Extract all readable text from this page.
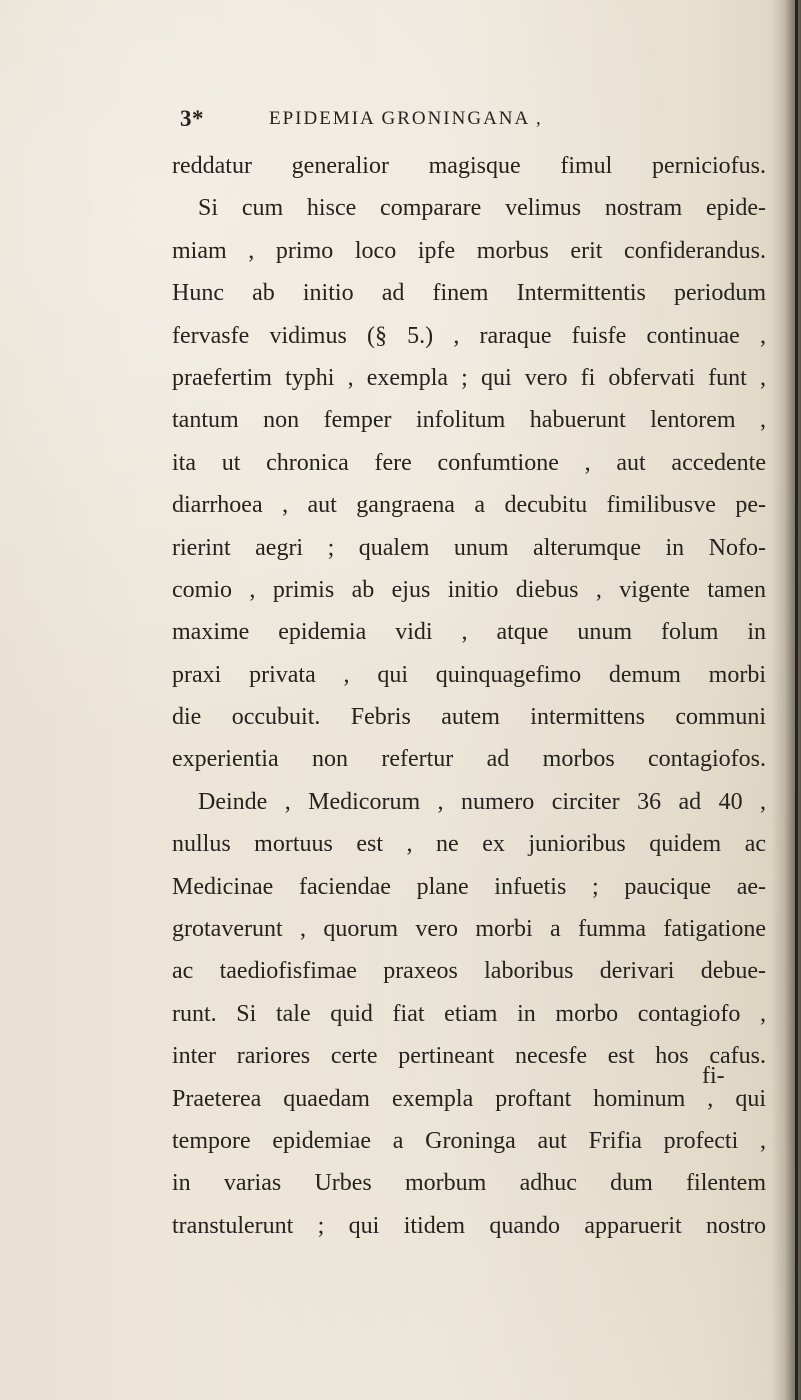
3*	EPIDEMIA GRONINGANA ,
reddatur generalior magisque fimul perniciofus.
Si cum hisce comparare velimus nostram epide-
miam , primo loco ipfe morbus erit confiderandus.
Hunc ab initio ad finem Intermittentis periodum
fervasfe vidimus (§ 5.) , raraque fuisfe continuae ,
praefertim typhi , exempla ; qui vero fi obfervati funt ,
tantum non femper infolitum habuerunt lentorem ,
ita ut chronica fere confumtione , aut accedente
diarrhoea , aut gangraena a decubitu fimilibusve pe-
rierint aegri ; qualem unum alterumque in Nofo-
comio , primis ab ejus initio diebus , vigente tamen
maxime epidemia vidi , atque unum folum in
praxi privata , qui quinquagefimo demum morbi
die occubuit. Febris autem intermittens communi
experientia non refertur ad morbos contagiofos.
Deinde , Medicorum , numero circiter 36 ad 40 ,
nullus mortuus est , ne ex junioribus quidem ac
Medicinae faciendae plane infuetis ; paucique ae-
grotaverunt , quorum vero morbi a fumma fatigatione
ac taediofisfimae praxeos laboribus derivari debue-
runt. Si tale quid fiat etiam in morbo contagiofo ,
inter rariores certe pertineant necesfe est hos cafus.
Praeterea quaedam exempla proftant hominum , qui
tempore epidemiae a Groninga aut Frifia profecti ,
in varias Urbes morbum adhuc dum filentem
transtulerunt ; qui itidem quando apparuerit nostro
fi-
